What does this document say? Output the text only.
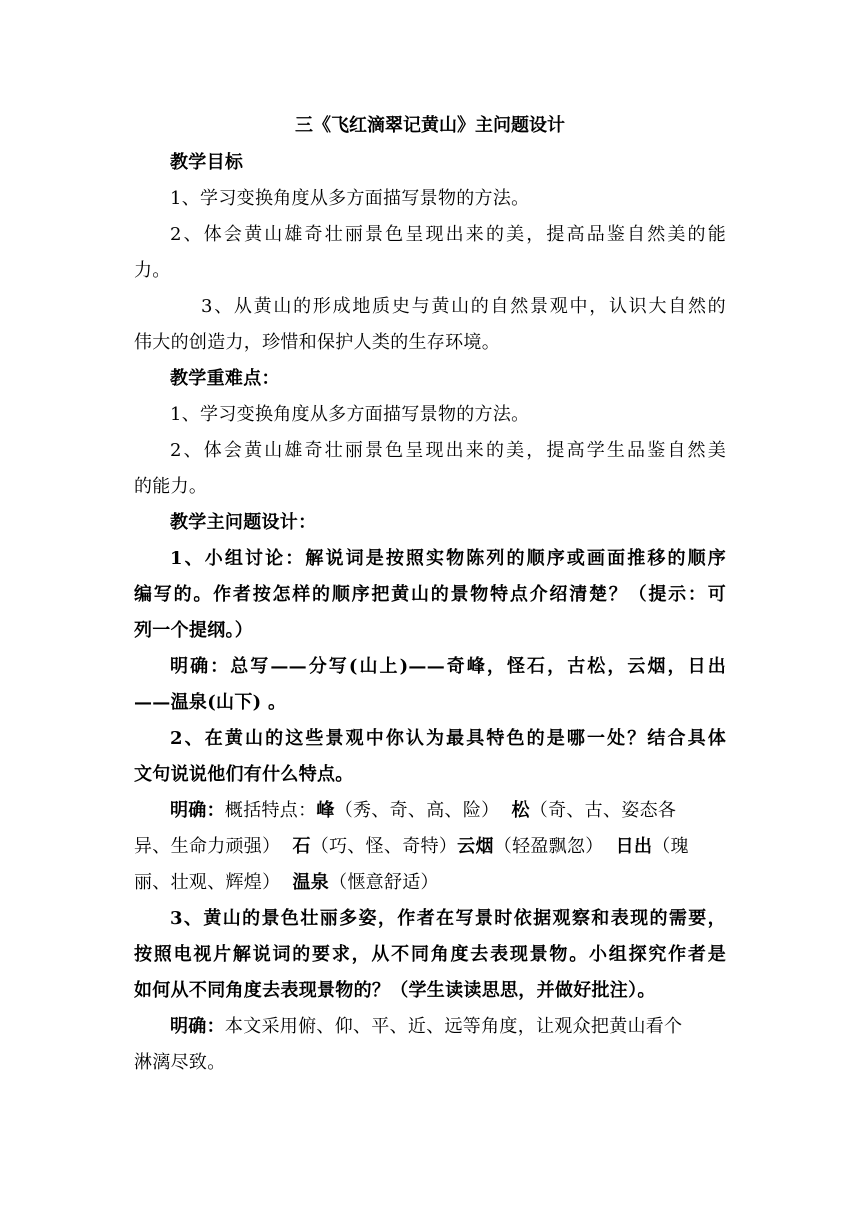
三《飞红滴翠记黄山》主问题设计
教学目标
1、学习变换角度从多方面描写景物的方法。
2、体会黄山雄奇壮丽景色呈现出来的美，提高品鉴自然美的能
力。
3、从黄山的形成地质史与黄山的自然景观中，认识大自然的
伟大的创造力，珍惜和保护人类的生存环境。
教学重难点：
1、学习变换角度从多方面描写景物的方法。
2、体会黄山雄奇壮丽景色呈现出来的美，提高学生品鉴自然美
的能力。
教学主问题设计：
1、小组讨论：解说词是按照实物陈列的顺序或画面推移的顺序
编写的。作者按怎样的顺序把黄山的景物特点介绍清楚？（提示：可
列一个提纲。）
明确：总写——分写(山上)——奇峰，怪石，古松，云烟，日出
——温泉(山下) 。
2、在黄山的这些景观中你认为最具特色的是哪一处？结合具体
文句说说他们有什么特点。
明确：概括特点：峰（秀、奇、高、险） 松（奇、古、姿态各
异、生命力顽强） 石（巧、怪、奇特）云烟（轻盈飘忽） 日出（瑰
丽、壮观、辉煌） 温泉（惬意舒适）
3、黄山的景色壮丽多姿，作者在写景时依据观察和表现的需要，
按照电视片解说词的要求，从不同角度去表现景物。小组探究作者是
如何从不同角度去表现景物的？（学生读读思思，并做好批注）。
明确：本文采用俯、仰、平、近、远等角度，让观众把黄山看个
淋漓尽致。
